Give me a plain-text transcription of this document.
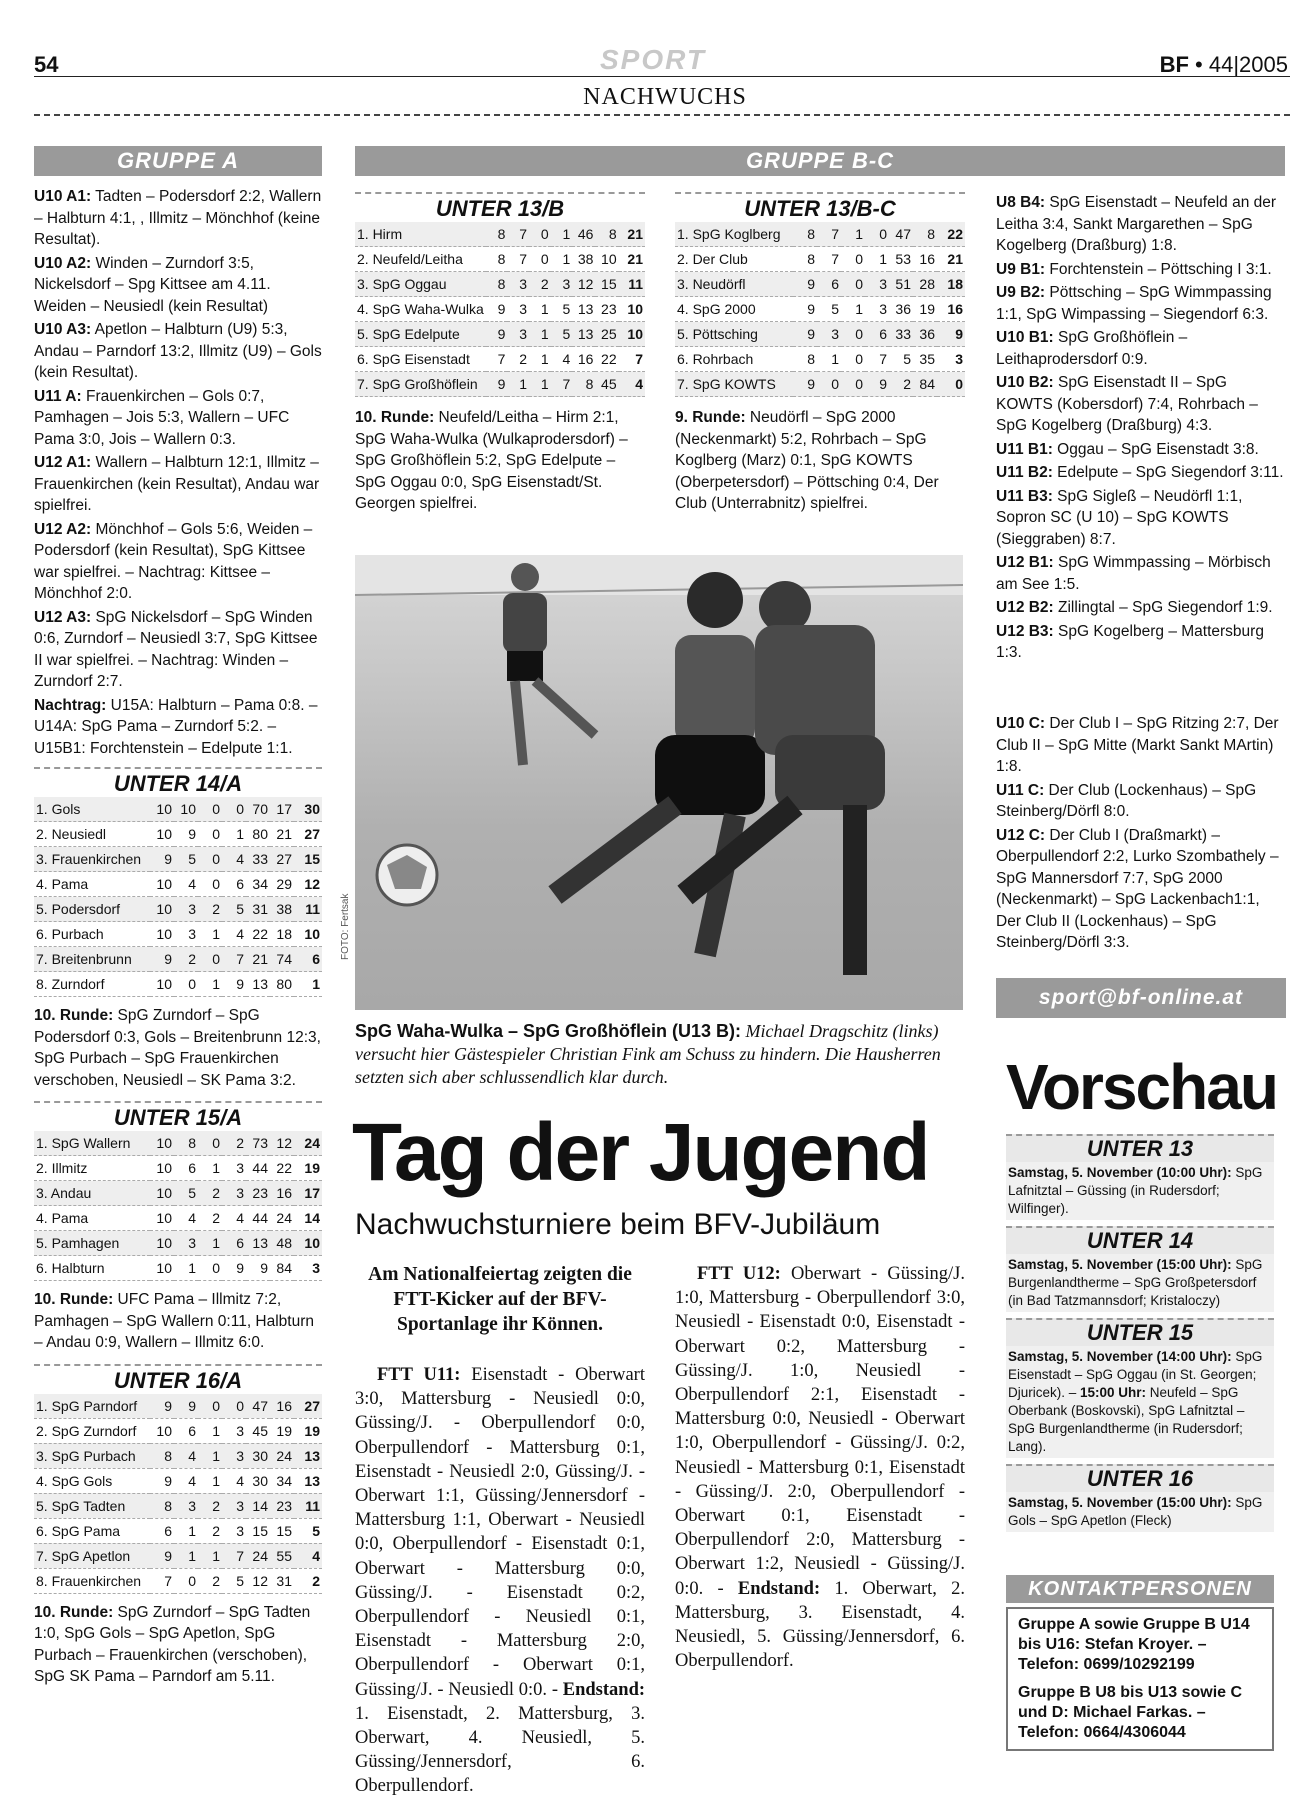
54	SPORT	BF • 44|2005
NACHWUCHS
GRUPPE A

U10 A1: Tadten – Podersdorf 2:2, Wallern – Halbturn 4:1, , Illmitz – Mönchhof (keine Resultat).

U10 A2: Winden – Zurndorf 3:5, Nickelsdorf – Spg Kittsee am 4.11. Weiden – Neusiedl (kein Resultat)

U10 A3: Apetlon – Halbturn (U9) 5:3, Andau – Parndorf 13:2, Illmitz (U9) – Gols (kein Resultat).

U11 A: Frauenkirchen – Gols 0:7, Pamhagen – Jois 5:3, Wallern – UFC Pama 3:0, Jois – Wallern 0:3.

U12 A1: Wallern – Halbturn 12:1, Illmitz – Frauenkirchen (kein Resultat), Andau war spielfrei.

U12 A2: Mönchhof – Gols 5:6, Weiden – Podersdorf (kein Resultat), SpG Kittsee war spielfrei. – Nachtrag: Kittsee – Mönchhof 2:0.

U12 A3: SpG Nickelsdorf – SpG Winden 0:6, Zurndorf – Neusiedl 3:7, SpG Kittsee II war spielfrei. – Nachtrag: Winden – Zurndorf 2:7.

Nachtrag: U15A: Halbturn – Pama 0:8. – U14A: SpG Pama – Zurndorf 5:2. – U15B1: Forchtenstein – Edelpute 1:1.

UNTER 14/A
1. Gols	10	10	0	0	70	17	30
2. Neusiedl	10	9	0	1	80	21	27
3. Frauenkirchen	9	5	0	4	33	27	15
4. Pama	10	4	0	6	34	29	12
5. Podersdorf	10	3	2	5	31	38	11
6. Purbach	10	3	1	4	22	18	10
7. Breitenbrunn	9	2	0	7	21	74	6
8. Zurndorf	10	0	1	9	13	80	1
10. Runde: SpG Zurndorf – SpG Podersdorf 0:3, Gols – Breitenbrunn 12:3, SpG Purbach – SpG Frauenkirchen verschoben, Neusiedl – SK Pama 3:2.
UNTER 15/A
1. SpG Wallern	10	8	0	2	73	12	24
2. Illmitz	10	6	1	3	44	22	19
3. Andau	10	5	2	3	23	16	17
4. Pama	10	4	2	4	44	24	14
5. Pamhagen	10	3	1	6	13	48	10
6. Halbturn	10	1	0	9	9	84	3
10. Runde: UFC Pama – Illmitz 7:2, Pamhagen – SpG Wallern 0:11, Halbturn – Andau 0:9, Wallern – Illmitz 6:0.
UNTER 16/A
1. SpG Parndorf	9	9	0	0	47	16	27
2. SpG Zurndorf	10	6	1	3	45	19	19
3. SpG Purbach	8	4	1	3	30	24	13
4. SpG Gols	9	4	1	4	30	34	13
5. SpG Tadten	8	3	2	3	14	23	11
6. SpG Pama	6	1	2	3	15	15	5
7. SpG Apetlon	9	1	1	7	24	55	4
8. Frauenkirchen	7	0	2	5	12	31	2
10. Runde: SpG Zurndorf – SpG Tadten 1:0, SpG Gols – SpG Apetlon, SpG Purbach – Frauenkirchen (verschoben), SpG SK Pama – Parndorf am 5.11.
GRUPPE B-C
UNTER 13/B
1. Hirm	8	7	0	1	46	8	21
2. Neufeld/Leitha	8	7	0	1	38	10	21
3. SpG Oggau	8	3	2	3	12	15	11
4. SpG Waha-Wulka	9	3	1	5	13	23	10
5. SpG Edelpute	9	3	1	5	13	25	10
6. SpG Eisenstadt	7	2	1	4	16	22	7
7. SpG Großhöflein	9	1	1	7	8	45	4
10. Runde: Neufeld/Leitha – Hirm 2:1, SpG Waha-Wulka (Wulkaprodersdorf) – SpG Großhöflein 5:2, SpG Edelpute – SpG Oggau 0:0, SpG Eisenstadt/St. Georgen spielfrei.
UNTER 13/B-C
1. SpG Koglberg	8	7	1	0	47	8	22
2. Der Club	8	7	0	1	53	16	21
3. Neudörfl	9	6	0	3	51	28	18
4. SpG 2000	9	5	1	3	36	19	16
5. Pöttsching	9	3	0	6	33	36	9
6. Rohrbach	8	1	0	7	5	35	3
7. SpG KOWTS	9	0	0	9	2	84	0
9. Runde: Neudörfl – SpG 2000 (Neckenmarkt) 5:2, Rohrbach – SpG Koglberg (Marz) 0:1, SpG KOWTS (Oberpetersdorf) – Pöttsching 0:4, Der Club (Unterrabnitz) spielfrei.
FOTO: Fertsak
SpG Waha-Wulka – SpG Großhöflein (U13 B): Michael Dragschitz (links) versucht hier Gästespieler Christian Fink am Schuss zu hindern. Die Hausherren setzten sich aber schlussendlich klar durch.
Tag der Jugend
Nachwuchsturniere beim BFV-Jubiläum
Am Nationalfeiertag zeigten die FTT-Kicker auf der BFV-Sportanlage ihr Können.

FTT U11: Eisenstadt - Oberwart 3:0, Mattersburg - Neusiedl 0:0, Güssing/J. - Oberpullendorf 0:0, Oberpullendorf - Mattersburg 0:1, Eisenstadt - Neusiedl 2:0, Güssing/J. - Oberwart 1:1, Güssing/Jennersdorf - Mattersburg 1:1, Oberwart - Neusiedl 0:0, Oberpullendorf - Eisenstadt 0:1, Oberwart - Mattersburg 0:0, Güssing/J. - Eisenstadt 0:2, Oberpullendorf - Neusiedl 0:1, Eisenstadt - Mattersburg 2:0, Oberpullendorf - Oberwart 0:1, Güssing/J. - Neusiedl 0:0. - Endstand: 1. Eisenstadt, 2. Mattersburg, 3. Oberwart, 4. Neusiedl, 5. Güssing/Jennersdorf, 6. Oberpullendorf.

FTT U12: Oberwart - Güssing/J. 1:0, Mattersburg - Oberpullendorf 3:0, Neusiedl - Eisenstadt 0:0, Eisenstadt - Oberwart 0:2, Mattersburg - Güssing/J. 1:0, Neusiedl - Oberpullendorf 2:1, Eisenstadt - Mattersburg 0:0, Neusiedl - Oberwart 1:0, Oberpullendorf - Güssing/J. 0:2, Neusiedl - Mattersburg 0:1, Eisenstadt - Güssing/J. 2:0, Oberpullendorf - Oberwart 0:1, Eisenstadt - Oberpullendorf 2:0, Mattersburg - Oberwart 1:2, Neusiedl - Güssing/J. 0:0. - Endstand: 1. Oberwart, 2. Mattersburg, 3. Eisenstadt, 4. Neusiedl, 5. Güssing/Jennersdorf, 6. Oberpullendorf.

U8 B4: SpG Eisenstadt – Neufeld an der Leitha 3:4, Sankt Margarethen – SpG Kogelberg (Draßburg) 1:8.

U9 B1: Forchtenstein – Pöttsching I 3:1.

U9 B2: Pöttsching – SpG Wimmpassing 1:1, SpG Wimpassing – Siegendorf 6:3.

U10 B1: SpG Großhöflein – Leithaprodersdorf 0:9.

U10 B2: SpG Eisenstadt II – SpG KOWTS (Kobersdorf) 7:4, Rohrbach – SpG Kogelberg (Draßburg) 4:3.

U11 B1: Oggau – SpG Eisenstadt 3:8.

U11 B2: Edelpute – SpG Siegendorf 3:11.

U11 B3: SpG Sigleß – Neudörfl 1:1, Sopron SC (U 10) – SpG KOWTS (Sieggraben) 8:7.

U12 B1: SpG Wimmpassing – Mörbisch am See 1:5.

U12 B2: Zillingtal – SpG Siegendorf 1:9.

U12 B3: SpG Kogelberg – Mattersburg 1:3.

U10 C: Der Club I – SpG Ritzing 2:7, Der Club II – SpG Mitte (Markt Sankt MArtin) 1:8.

U11 C: Der Club (Lockenhaus) – SpG Steinberg/Dörfl 8:0.

U12 C: Der Club I (Draßmarkt) – Oberpullendorf 2:2, Lurko Szombathely – SpG Mannersdorf 7:7, SpG 2000 (Neckenmarkt) – SpG Lackenbach1:1, Der Club II (Lockenhaus) – SpG Steinberg/Dörfl 3:3.

sport@bf-online.at
Vorschau
UNTER 13
Samstag, 5. November (10:00 Uhr): SpG Lafnitztal – Güssing (in Rudersdorf; Wilfinger).
UNTER 14
Samstag, 5. November (15:00 Uhr): SpG Burgenlandtherme – SpG Großpetersdorf (in Bad Tatzmannsdorf; Kristaloczy)
UNTER 15
Samstag, 5. November (14:00 Uhr): SpG Eisenstadt – SpG Oggau (in St. Georgen; Djuricek). – 15:00 Uhr: Neufeld – SpG Oberbank (Boskovski), SpG Lafnitztal – SpG Burgenlandtherme (in Rudersdorf; Lang).
UNTER 16
Samstag, 5. November (15:00 Uhr): SpG Gols – SpG Apetlon (Fleck)
KONTAKTPERSONEN
Gruppe A sowie Gruppe B U14 bis U16: Stefan Kroyer. – Telefon: 0699/10292199
Gruppe B U8 bis U13 sowie C und D: Michael Farkas. – Telefon: 0664/4306044
